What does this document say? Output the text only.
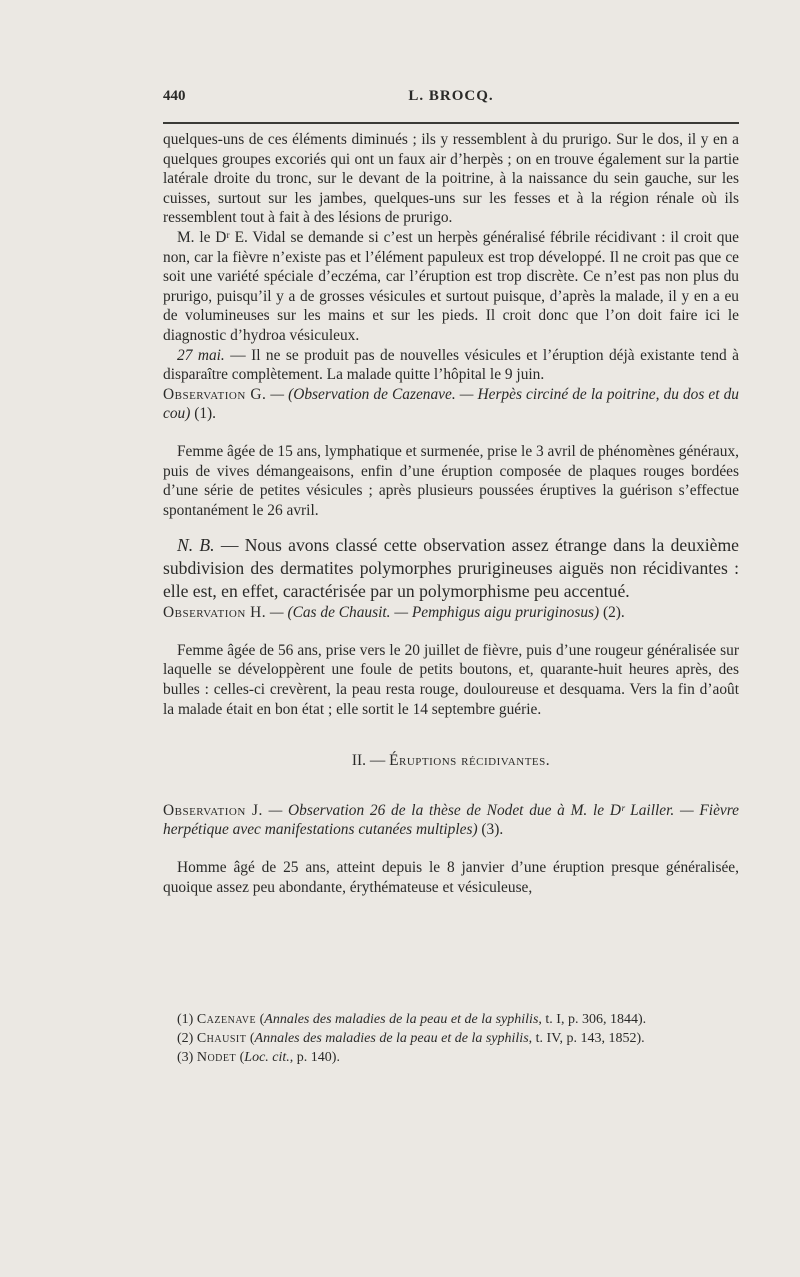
440	L. BROCQ.

quelques-uns de ces éléments diminués ; ils y ressemblent à du prurigo. Sur le dos, il y en a quelques groupes excoriés qui ont un faux air d’herpès ; on en trouve également sur la partie latérale droite du tronc, sur le devant de la poitrine, à la naissance du sein gauche, sur les cuisses, surtout sur les jambes, quelques-uns sur les fesses et à la région rénale où ils ressemblent tout à fait à des lésions de prurigo.

M. le Dʳ E. Vidal se demande si c’est un herpès généralisé fébrile récidivant : il croit que non, car la fièvre n’existe pas et l’élément papuleux est trop développé. Il ne croit pas que ce soit une variété spéciale d’eczéma, car l’éruption est trop discrète. Ce n’est pas non plus du prurigo, puisqu’il y a de grosses vésicules et surtout puisque, d’après la malade, il y en a eu de volumineuses sur les mains et sur les pieds. Il croit donc que l’on doit faire ici le diagnostic d’hydroa vésiculeux.

27 mai. — Il ne se produit pas de nouvelles vésicules et l’éruption déjà existante tend à disparaître complètement. La malade quitte l’hôpital le 9 juin.

Observation G. — (Observation de Cazenave. — Herpès circiné de la poitrine, du dos et du cou) (1).

Femme âgée de 15 ans, lymphatique et surmenée, prise le 3 avril de phénomènes généraux, puis de vives démangeaisons, enfin d’une éruption composée de plaques rouges bordées d’une série de petites vésicules ; après plusieurs poussées éruptives la guérison s’effectue spontanément le 26 avril.

N. B. — Nous avons classé cette observation assez étrange dans la deuxième subdivision des dermatites polymorphes prurigineuses aiguës non récidivantes : elle est, en effet, caractérisée par un polymorphisme peu accentué.

Observation H. — (Cas de Chausit. — Pemphigus aigu pruriginosus) (2).

Femme âgée de 56 ans, prise vers le 20 juillet de fièvre, puis d’une rougeur généralisée sur laquelle se développèrent une foule de petits boutons, et, quarante-huit heures après, des bulles : celles-ci crevèrent, la peau resta rouge, douloureuse et desquama. Vers la fin d’août la malade était en bon état ; elle sortit le 14 septembre guérie.

II. — Éruptions récidivantes.

Observation J. — Observation 26 de la thèse de Nodet due à M. le Dʳ Lailler. — Fièvre herpétique avec manifestations cutanées multiples) (3).

Homme âgé de 25 ans, atteint depuis le 8 janvier d’une éruption presque généralisée, quoique assez peu abondante, érythémateuse et vésiculeuse,

(1) Cazenave (Annales des maladies de la peau et de la syphilis, t. I, p. 306, 1844).

(2) Chausit (Annales des maladies de la peau et de la syphilis, t. IV, p. 143, 1852).

(3) Nodet (Loc. cit., p. 140).
